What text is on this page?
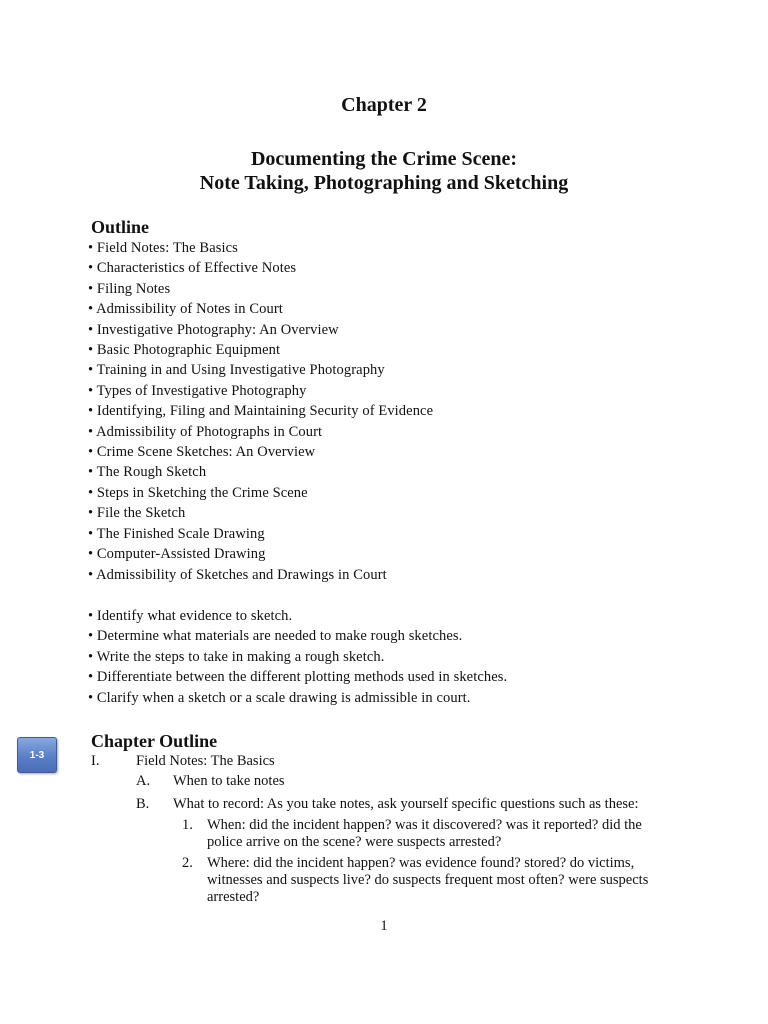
Chapter 2
Documenting the Crime Scene:
Note Taking, Photographing and Sketching
Outline
• Field Notes: The Basics
• Characteristics of Effective Notes
• Filing Notes
• Admissibility of Notes in Court
• Investigative Photography: An Overview
• Basic Photographic Equipment
• Training in and Using Investigative Photography
• Types of Investigative Photography
• Identifying, Filing and Maintaining Security of Evidence
• Admissibility of Photographs in Court
• Crime Scene Sketches: An Overview
• The Rough Sketch
• Steps in Sketching the Crime Scene
• File the Sketch
• The Finished Scale Drawing
• Computer-Assisted Drawing
• Admissibility of Sketches and Drawings in Court
• Identify what evidence to sketch.
• Determine what materials are needed to make rough sketches.
• Write the steps to take in making a rough sketch.
• Differentiate between the different plotting methods used in sketches.
• Clarify when a sketch or a scale drawing is admissible in court.
1-3
Chapter Outline
I.	Field Notes: The Basics
A. When to take notes
B. What to record: As you take notes, ask yourself specific questions such as these:
1. When: did the incident happen? was it discovered? was it reported? did the
police arrive on the scene? were suspects arrested?
2. Where: did the incident happen? was evidence found? stored? do victims,
witnesses and suspects live? do suspects frequent most often? were suspects
arrested?
1
